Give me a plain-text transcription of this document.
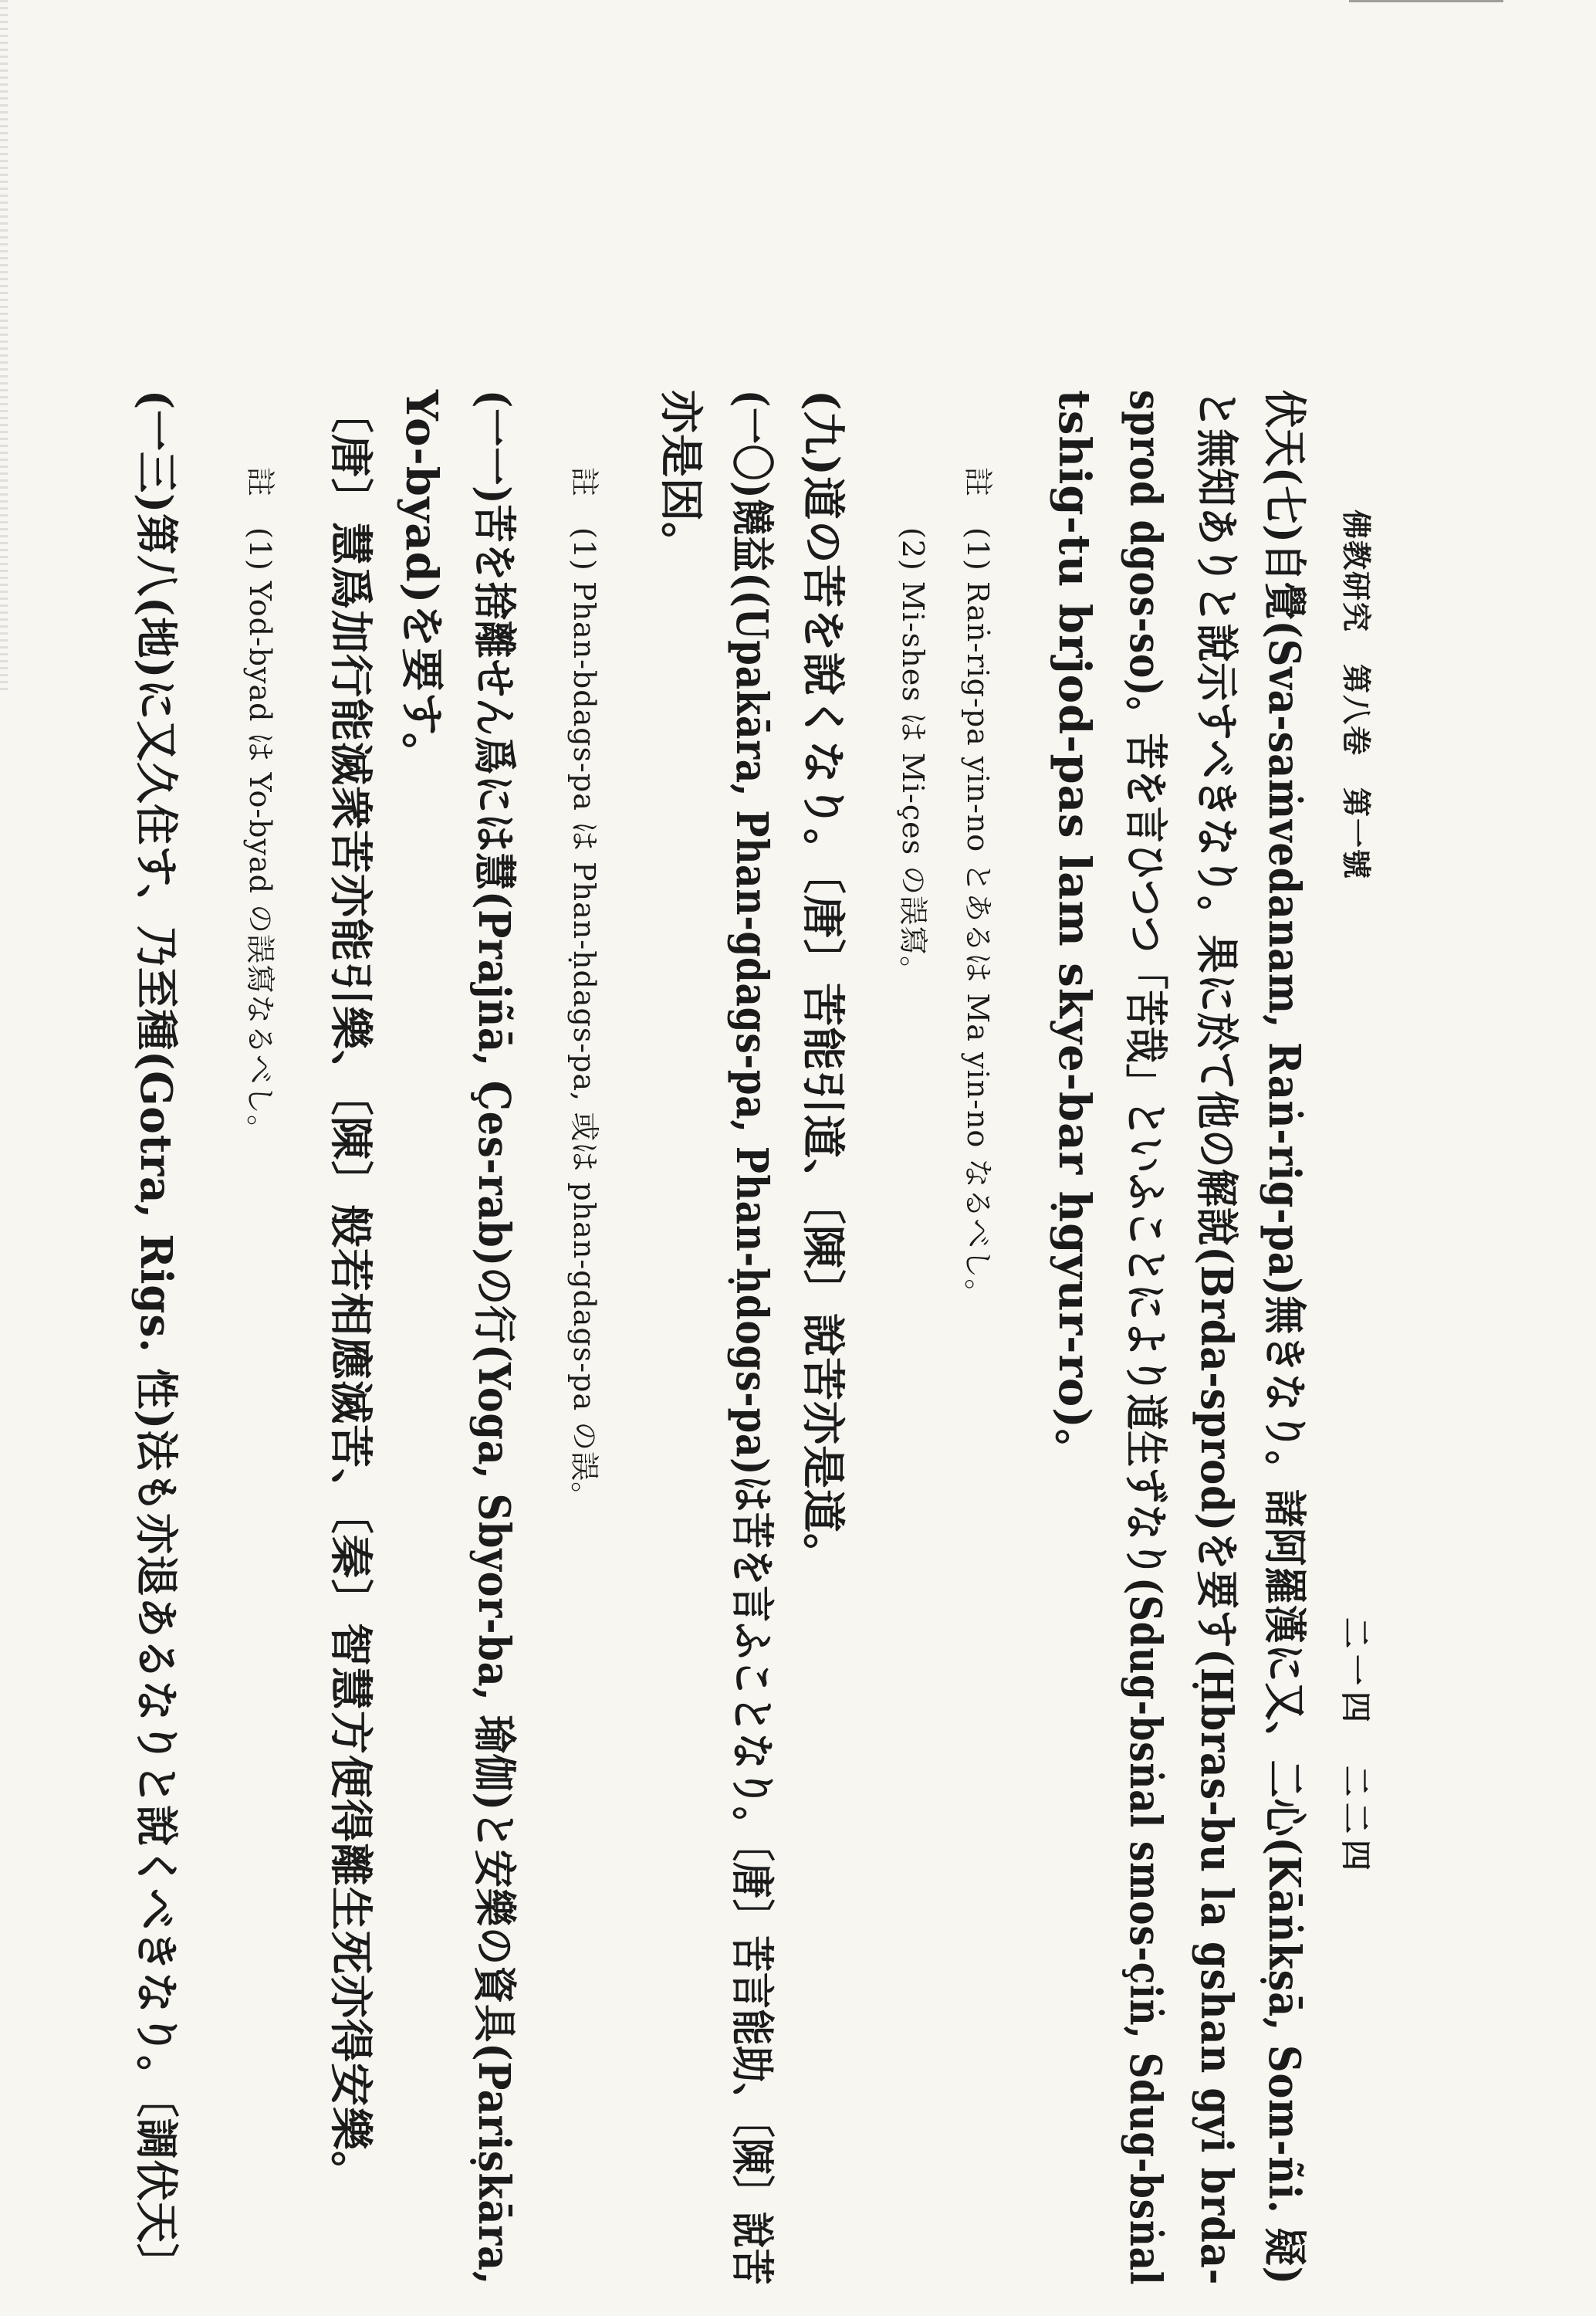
佛教研究　第八卷　第一號
二一四　二二四
伏天(七)自覺(Sva-saṁvedanam, Raṅ-rig-pa)無きなり。諸阿羅漢に又、二心(Kāṅkṣā, Som-ñi. 疑)
と無知ありと說示すべきなり。果に於て他の解說(Brda-sprod)を要す(Ḥbras-bu la gshan gyi brda-
sprod dgos-so)。苦を言ひつつ「苦哉」といふことにより道生ずなり(Sdug-bsṅal smos-çiṅ, Sdug-bsṅal
tshig-tu brjod-pas lam skye-bar ḥgyur-ro)。
註　(1) Raṅ-rig-pa yin-no とあるは Ma yin-no なるべし。
　　(2) Mi-shes は Mi-çes の誤寫。
(九)道の苦を說くなり。〔唐〕苦能引道、〔陳〕說苦亦是道。
(一〇)饒益((Upakāra, Phan-gdags-pa, Phan-ḥdogs-pa)は苦を言ふことなり。〔唐〕苦言能助、〔陳〕說苦
亦是因。
註　(1) Phan-bdags-pa は Phan-ḥdags-pa, 或は phan-gdags-pa の誤。
(一一)苦を捨離せん爲には慧(Prajñā, Çes-rab)の行(Yoga, Sbyor-ba, 瑜伽)と安樂の資具(Pariṣkāra,
Yo-byad)を要す。
〔唐〕慧爲加行能滅衆苦亦能引樂、〔陳〕般若相應滅苦、〔秦〕智慧方便得離生死亦得安樂。
註　(1) Yod-byad は Yo-byad の誤寫なるべし。
(一三)第八(地)に又久住す、乃至種(Gotra, Rigs. 性)法も亦退あるなりと說くべきなり。〔調伏天〕
